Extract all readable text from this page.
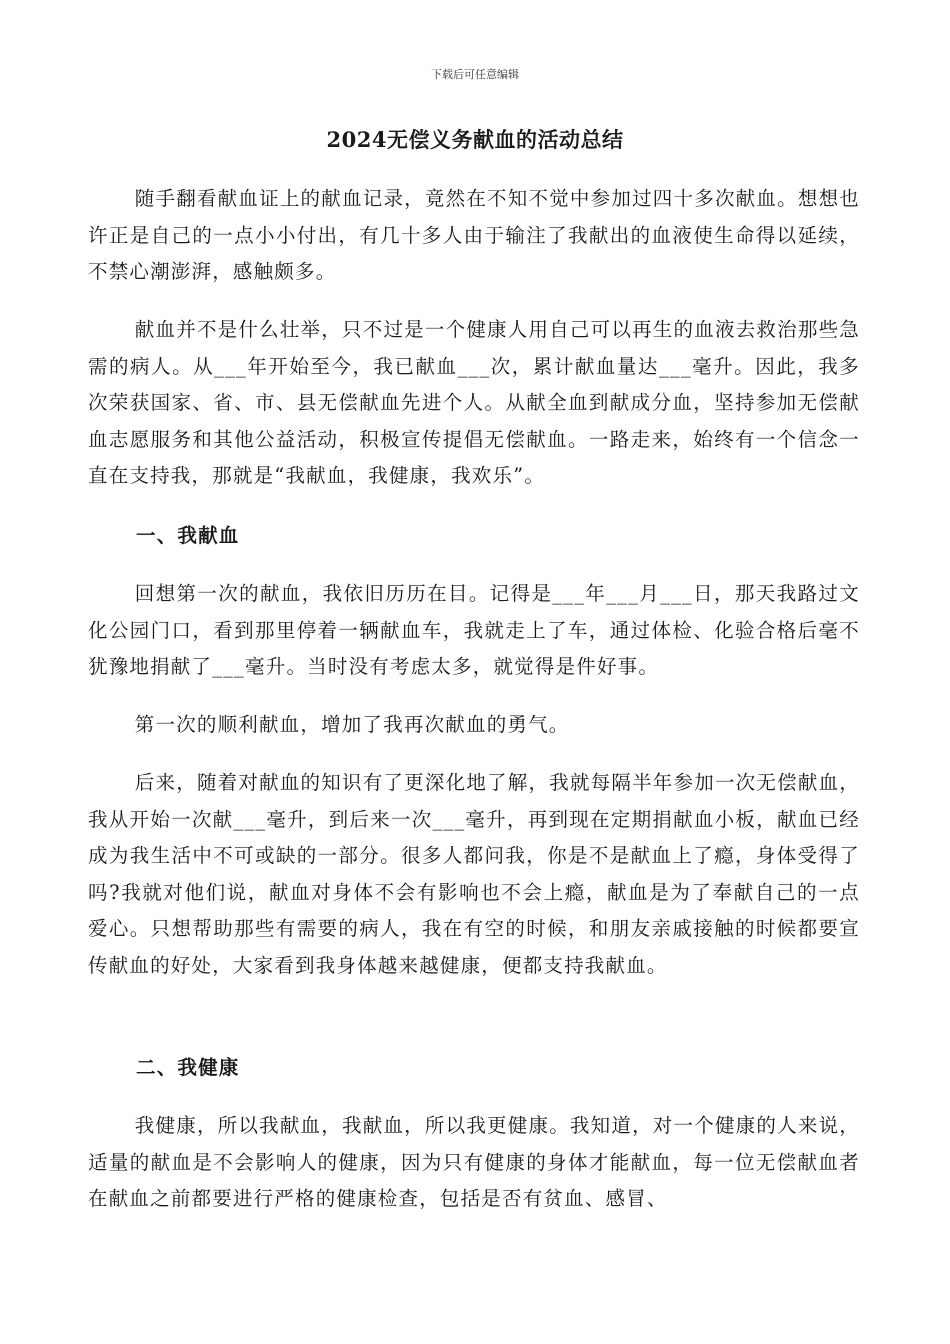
下载后可任意编辑
2024无偿义务献血的活动总结

随手翻看献血证上的献血记录，竟然在不知不觉中参加过四十多次献血。想想也许正是自己的一点小小付出，有几十多人由于输注了我献出的血液使生命得以延续，不禁心潮澎湃，感触颇多。

献血并不是什么壮举，只不过是一个健康人用自己可以再生的血液去救治那些急需的病人。从___年开始至今，我已献血___次，累计献血量达___毫升。因此，我多次荣获国家、省、市、县无偿献血先进个人。从献全血到献成分血，坚持参加无偿献血志愿服务和其他公益活动，积极宣传提倡无偿献血。一路走来，始终有一个信念一直在支持我，那就是“我献血，我健康，我欢乐”。

一、我献血

回想第一次的献血，我依旧历历在目。记得是___年___月___日，那天我路过文化公园门口，看到那里停着一辆献血车，我就走上了车，通过体检、化验合格后毫不犹豫地捐献了___毫升。当时没有考虑太多，就觉得是件好事。

第一次的顺利献血，增加了我再次献血的勇气。

后来，随着对献血的知识有了更深化地了解，我就每隔半年参加一次无偿献血，我从开始一次献___毫升，到后来一次___毫升，再到现在定期捐献血小板，献血已经成为我生活中不可或缺的一部分。很多人都问我，你是不是献血上了瘾，身体受得了吗?我就对他们说，献血对身体不会有影响也不会上瘾，献血是为了奉献自己的一点爱心。只想帮助那些有需要的病人，我在有空的时候，和朋友亲戚接触的时候都要宣传献血的好处，大家看到我身体越来越健康，便都支持我献血。

二、我健康

我健康，所以我献血，我献血，所以我更健康。我知道，对一个健康的人来说，适量的献血是不会影响人的健康，因为只有健康的身体才能献血，每一位无偿献血者在献血之前都要进行严格的健康检查，包括是否有贫血、感冒、
